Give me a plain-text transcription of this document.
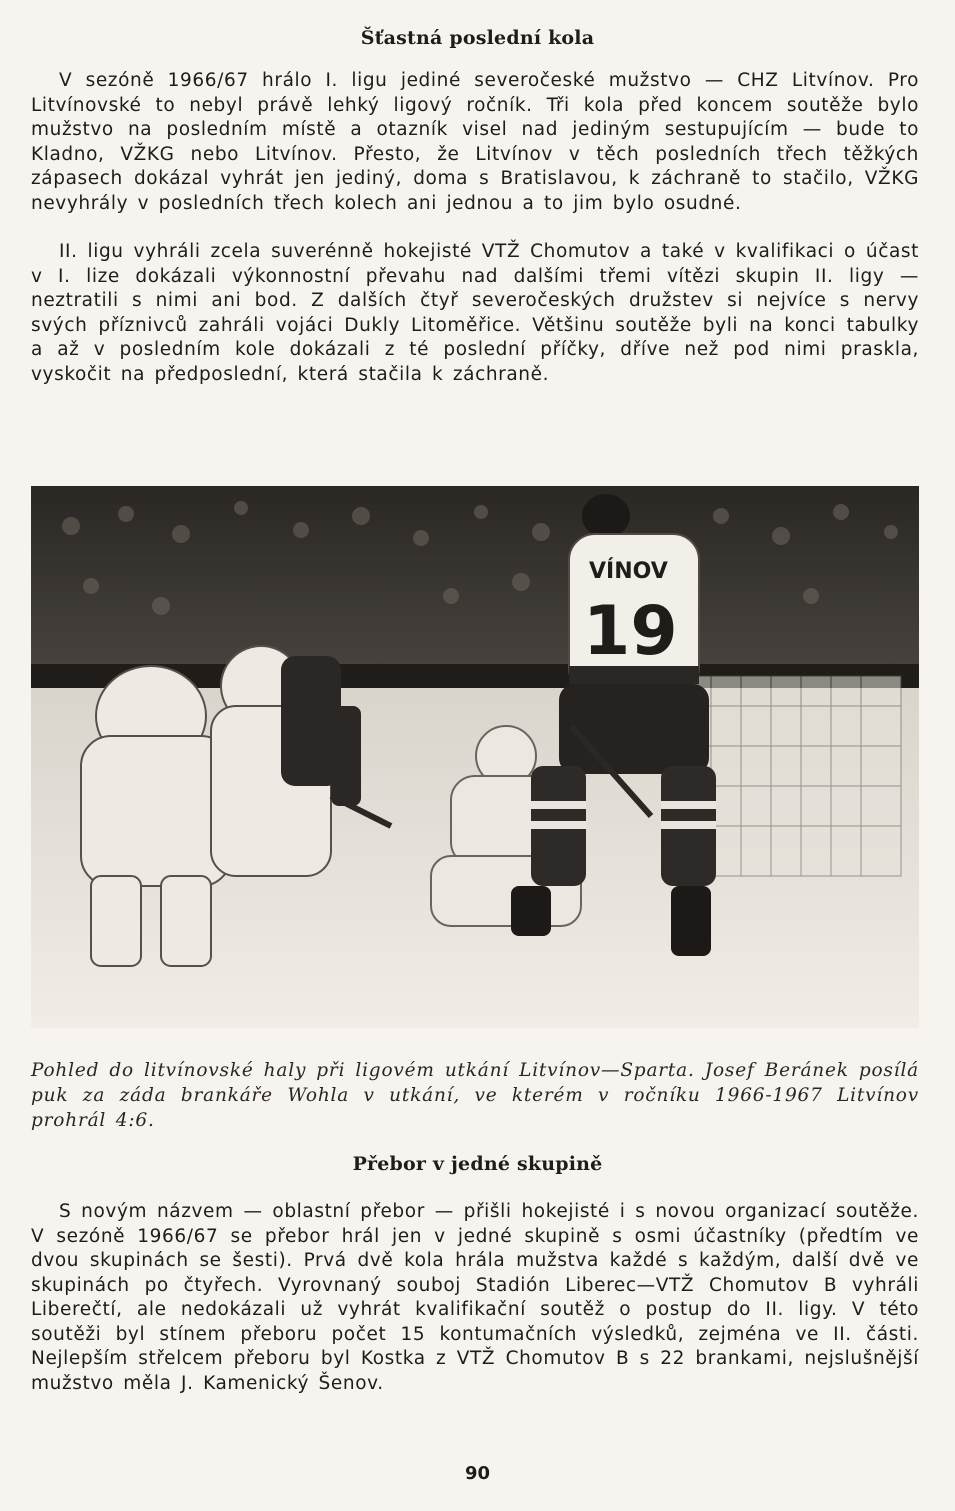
Šťastná poslední kola

V sezóně 1966/67 hrálo I. ligu jediné severočeské mužstvo — CHZ Litvínov. Pro Litvínovské to nebyl právě lehký ligový ročník. Tři kola před koncem soutěže bylo mužstvo na posledním místě a otazník visel nad jediným sestupujícím — bude to Kladno, VŽKG nebo Litvínov. Přesto, že Litvínov v těch posledních třech těžkých zápasech dokázal vyhrát jen jediný, doma s Bratislavou, k záchraně to stačilo, VŽKG nevyhrály v posledních třech kolech ani jednou a to jim bylo osudné.

II. ligu vyhráli zcela suverénně hokejisté VTŽ Chomutov a také v kvalifikaci o účast v I. lize dokázali výkonnostní převahu nad dalšími třemi vítězi skupin II. ligy — neztratili s nimi ani bod. Z dalších čtyř severočeských družstev si nejvíce s nervy svých příznivců zahráli vojáci Dukly Litoměřice. Většinu soutěže byli na konci tabulky a až v posledním kole dokázali z té poslední příčky, dříve než pod nimi praskla, vyskočit na předposlední, která stačila k záchraně.

VÍNOV
19

Pohled do litvínovské haly při ligovém utkání Litvínov—Sparta. Josef Beránek posílá puk za záda brankáře Wohla v utkání, ve kterém v ročníku 1966-1967 Litvínov prohrál 4:6.

Přebor v jedné skupině

S novým názvem — oblastní přebor — přišli hokejisté i s novou organizací soutěže. V sezóně 1966/67 se přebor hrál jen v jedné skupině s osmi účastníky (předtím ve dvou skupinách se šesti). Prvá dvě kola hrála mužstva každé s každým, další dvě ve skupinách po čtyřech. Vyrovnaný souboj Stadión Liberec—VTŽ Chomutov B vyhráli Liberečtí, ale nedokázali už vyhrát kvalifikační soutěž o postup do II. ligy. V této soutěži byl stínem přeboru počet 15 kontumačních výsledků, zejména ve II. části. Nejlepším střelcem přeboru byl Kostka z VTŽ Chomutov B s 22 brankami, nejslušnější mužstvo měla J. Kamenický Šenov.

90
